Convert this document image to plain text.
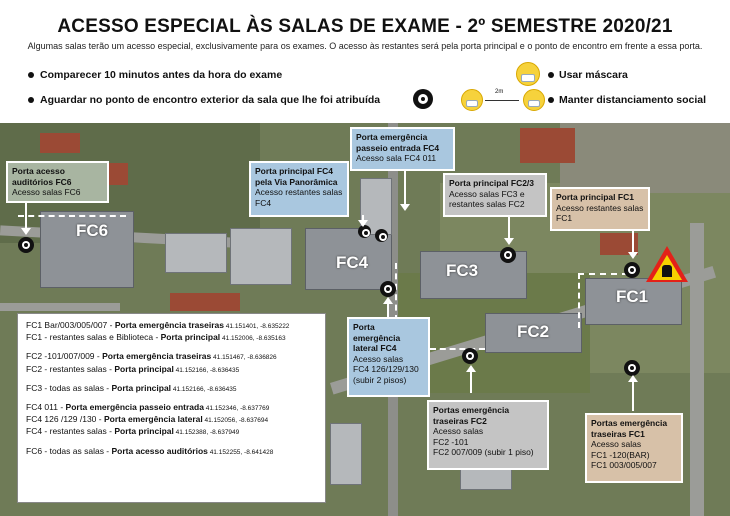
ACESSO ESPECIAL ÀS SALAS DE EXAME - 2º SEMESTRE 2020/21
Algumas salas terão um acesso especial, exclusivamente para os exames. O acesso às restantes será pela porta principal e o ponto de encontro em frente a essa porta.
Comparecer 10 minutos antes da hora do exame
Aguardar no ponto de encontro exterior da sala que lhe foi atribuída
Usar máscara
2m
Manter distanciamento social
FC6
FC4	FC3
FC2
FC1
Porta acesso auditórios FC6
Acesso salas FC6
Porta principal FC4 pela Via Panorâmica
Acesso restantes salas FC4
Porta emergência passeio entrada FC4
Acesso sala FC4 011
Porta principal FC2/3
Acesso salas FC3 e restantes salas FC2
Porta principal FC1
Acesso restantes salas FC1
Porta emergência lateral FC4
Acesso salas
FC4 126/129/130
(subir 2 pisos)
Portas emergência traseiras FC2
Acesso salas
FC2 -101
FC2 007/009 (subir 1 piso)
Portas emergência traseiras FC1
Acesso salas
FC1 -120(BAR)
FC1 003/005/007
FC1 Bar/003/005/007 - Porta emergência traseiras 41.151401, -8.635222
FC1 - restantes salas e Biblioteca - Porta principal 41.152006, -8.635163
FC2 -101/007/009 - Porta emergência traseiras 41.151467, -8.636826
FC2 - restantes salas - Porta principal 41.152166, -8.636435
FC3 - todas as salas - Porta principal 41.152166, -8.636435
FC4 011 - Porta emergência passeio entrada 41.152346, -8.637769
FC4 126 /129 /130 - Porta emergência lateral 41.152056, -8.637694
FC4 - restantes salas - Porta principal 41.152388, -8.637949
FC6 - todas as salas - Porta acesso auditórios 41.152255, -8.641428
